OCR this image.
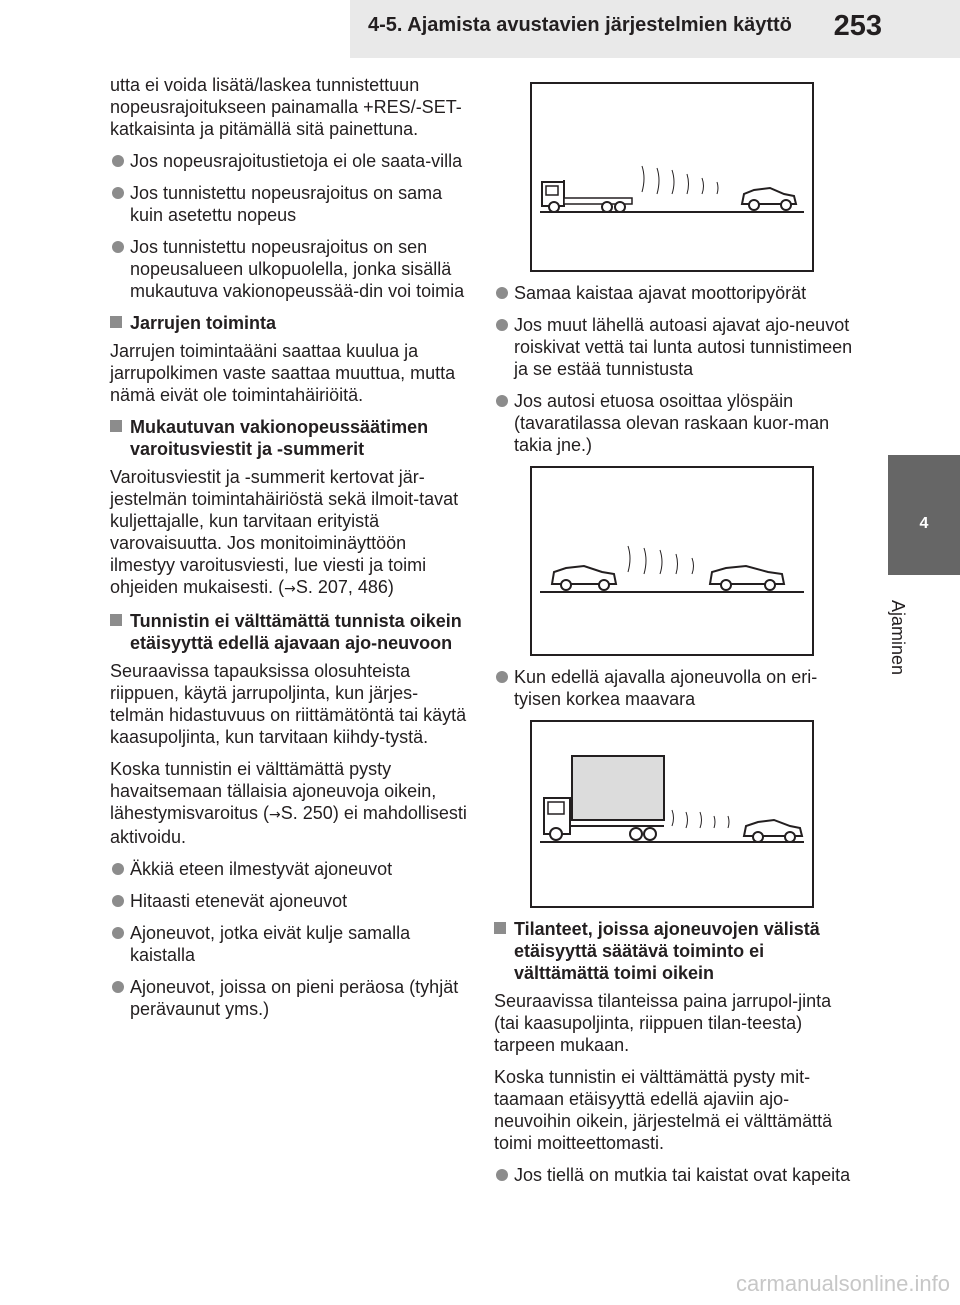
4-5. Ajamista avustavien järjestelmien käyttö 253
4
Ajaminen

utta ei voida lisätä/laskea tunnistettuun nopeusrajoitukseen painamalla +RES/-SET-katkaisinta ja pitämällä sitä painettuna.

Jos nopeusrajoitustietoja ei ole saata-villa
Jos tunnistettu nopeusrajoitus on sama kuin asetettu nopeus
Jos tunnistettu nopeusrajoitus on sen nopeusalueen ulkopuolella, jonka sisällä mukautuva vakionopeussää-din voi toimia
Jarrujen toiminta

Jarrujen toimintaääni saattaa kuulua ja jarrupolkimen vaste saattaa muuttua, mutta nämä eivät ole toimintahäiriöitä.

Mukautuvan vakionopeussäätimen varoitusviestit ja -summerit

Varoitusviestit ja -summerit kertovat jär-jestelmän toimintahäiriöstä sekä ilmoit-tavat kuljettajalle, kun tarvitaan erityistä varovaisuutta. Jos monitoiminäyttöön ilmestyy varoitusviesti, lue viesti ja toimi ohjeiden mukaisesti. (→S. 207, 486)

Tunnistin ei välttämättä tunnista oikein etäisyyttä edellä ajavaan ajo-neuvoon

Seuraavissa tapauksissa olosuhteista riippuen, käytä jarrupoljinta, kun järjes-telmän hidastuvuus on riittämätöntä tai käytä kaasupoljinta, kun tarvitaan kiihdy-tystä.

Koska tunnistin ei välttämättä pysty havaitsemaan tällaisia ajoneuvoja oikein, lähestymisvaroitus (→S. 250) ei mahdollisesti aktivoidu.

Äkkiä eteen ilmestyvät ajoneuvot
Hitaasti etenevät ajoneuvot
Ajoneuvot, jotka eivät kulje samalla kaistalla
Ajoneuvot, joissa on pieni peräosa (tyhjät perävaunut yms.)
Samaa kaistaa ajavat moottoripyörät
Jos muut lähellä autoasi ajavat ajo-neuvot roiskivat vettä tai lunta autosi tunnistimeen ja se estää tunnistusta
Jos autosi etuosa osoittaa ylöspäin (tavaratilassa olevan raskaan kuor-man takia jne.)
Kun edellä ajavalla ajoneuvolla on eri-tyisen korkea maavara
Tilanteet, joissa ajoneuvojen välistä etäisyyttä säätävä toiminto ei välttämättä toimi oikein

Seuraavissa tilanteissa paina jarrupol-jinta (tai kaasupoljinta, riippuen tilan-teesta) tarpeen mukaan.

Koska tunnistin ei välttämättä pysty mit-taamaan etäisyyttä edellä ajaviin ajo-neuvoihin oikein, järjestelmä ei välttämättä toimi moitteettomasti.

Jos tiellä on mutkia tai kaistat ovat kapeita
carmanualsonline.info
